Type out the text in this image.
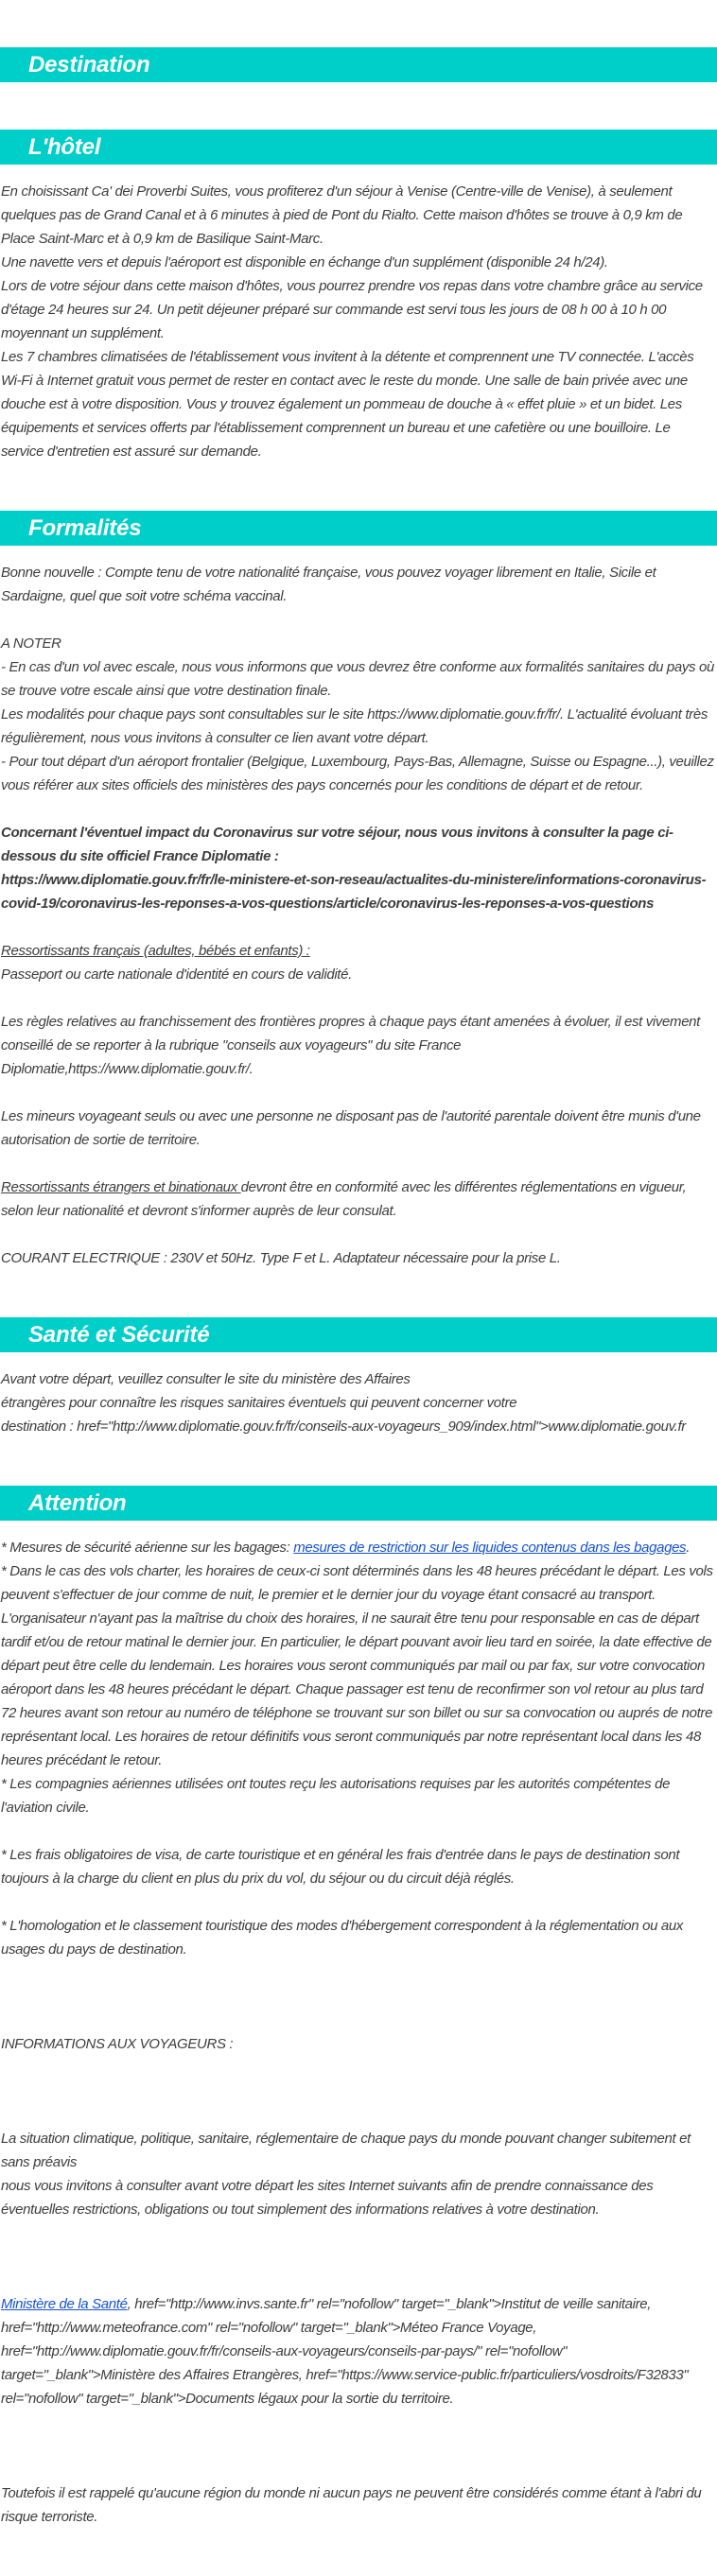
Destination
L'hôtel

En choisissant Ca' dei Proverbi Suites, vous profiterez d'un séjour à Venise (Centre-ville de Venise), à seulement quelques pas de Grand Canal et à 6 minutes à pied de Pont du Rialto. Cette maison d'hôtes se trouve à 0,9 km de Place Saint-Marc et à 0,9 km de Basilique Saint-Marc.

Une navette vers et depuis l'aéroport est disponible en échange d'un supplément (disponible 24 h/24).

Lors de votre séjour dans cette maison d'hôtes, vous pourrez prendre vos repas dans votre chambre grâce au service d'étage 24 heures sur 24. Un petit déjeuner préparé sur commande est servi tous les jours de 08 h 00 à 10 h 00 moyennant un supplément.

Les 7 chambres climatisées de l'établissement vous invitent à la détente et comprennent une TV connectée. L'accès Wi-Fi à Internet gratuit vous permet de rester en contact avec le reste du monde. Une salle de bain privée avec une douche est à votre disposition. Vous y trouvez également un pommeau de douche à « effet pluie » et un bidet. Les équipements et services offerts par l'établissement comprennent un bureau et une cafetière ou une bouilloire. Le service d'entretien est assuré sur demande.

Formalités

Bonne nouvelle : Compte tenu de votre nationalité française, vous pouvez voyager librement en Italie, Sicile et Sardaigne, quel que soit votre schéma vaccinal.

A NOTER

- En cas d'un vol avec escale, nous vous informons que vous devrez être conforme aux formalités sanitaires du pays où se trouve votre escale ainsi que votre destination finale.

Les modalités pour chaque pays sont consultables sur le site https://www.diplomatie.gouv.fr/fr/. L'actualité évoluant très régulièrement, nous vous invitons à consulter ce lien avant votre départ.

- Pour tout départ d'un aéroport frontalier (Belgique, Luxembourg, Pays-Bas, Allemagne, Suisse ou Espagne...), veuillez vous référer aux sites officiels des ministères des pays concernés pour les conditions de départ et de retour.

Concernant l'éventuel impact du Coronavirus sur votre séjour, nous vous invitons à consulter la page ci-dessous du site officiel France Diplomatie :

https://www.diplomatie.gouv.fr/fr/le-ministere-et-son-reseau/actualites-du-ministere/informations-coronavirus-covid-19/coronavirus-les-reponses-a-vos-questions/article/coronavirus-les-reponses-a-vos-questions

Ressortissants français (adultes, bébés et enfants) :

Passeport ou carte nationale d'identité en cours de validité.

Les règles relatives au franchissement des frontières propres à chaque pays étant amenées à évoluer, il est vivement conseillé de se reporter à la rubrique "conseils aux voyageurs" du site France Diplomatie,https://www.diplomatie.gouv.fr/.

Les mineurs voyageant seuls ou avec une personne ne disposant pas de l'autorité parentale doivent être munis d'une autorisation de sortie de territoire.

Ressortissants étrangers et binationaux devront être en conformité avec les différentes réglementations en vigueur, selon leur nationalité et devront s'informer auprès de leur consulat.

COURANT ELECTRIQUE : 230V et 50Hz. Type F et L. Adaptateur nécessaire pour la prise L.

Santé et Sécurité

Avant votre départ, veuillez consulter le site du ministère des Affaires

étrangères pour connaître les risques sanitaires éventuels qui peuvent concerner votre

destination : href="http://www.diplomatie.gouv.fr/fr/conseils-aux-voyageurs_909/index.html">www.diplomatie.gouv.fr

Attention

* Mesures de sécurité aérienne sur les bagages: mesures de restriction sur les liquides contenus dans les bagages.

* Dans le cas des vols charter, les horaires de ceux-ci sont déterminés dans les 48 heures précédant le départ. Les vols peuvent s'effectuer de jour comme de nuit, le premier et le dernier jour du voyage étant consacré au transport. L'organisateur n'ayant pas la maîtrise du choix des horaires, il ne saurait être tenu pour responsable en cas de départ tardif et/ou de retour matinal le dernier jour. En particulier, le départ pouvant avoir lieu tard en soirée, la date effective de départ peut être celle du lendemain. Les horaires vous seront communiqués par mail ou par fax, sur votre convocation aéroport dans les 48 heures précédant le départ. Chaque passager est tenu de reconfirmer son vol retour au plus tard 72 heures avant son retour au numéro de téléphone se trouvant sur son billet ou sur sa convocation ou auprés de notre représentant local. Les horaires de retour définitifs vous seront communiqués par notre représentant local dans les 48 heures précédant le retour.

* Les compagnies aériennes utilisées ont toutes reçu les autorisations requises par les autorités compétentes de l'aviation civile.

* Les frais obligatoires de visa, de carte touristique et en général les frais d'entrée dans le pays de destination sont toujours à la charge du client en plus du prix du vol, du séjour ou du circuit déjà réglés.

* L'homologation et le classement touristique des modes d'hébergement correspondent à la réglementation ou aux usages du pays de destination.

INFORMATIONS AUX VOYAGEURS :

La situation climatique, politique, sanitaire, réglementaire de chaque pays du monde pouvant changer subitement et sans préavis

nous vous invitons à consulter avant votre départ les sites Internet suivants afin de prendre connaissance des éventuelles restrictions, obligations ou tout simplement des informations relatives à votre destination.

Ministère de la Santé, href="http://www.invs.sante.fr" rel="nofollow" target="_blank">Institut de veille sanitaire, href="http://www.meteofrance.com" rel="nofollow" target="_blank">Méteo France Voyage, href="http://www.diplomatie.gouv.fr/fr/conseils-aux-voyageurs/conseils-par-pays/" rel="nofollow" target="_blank">Ministère des Affaires Etrangères, href="https://www.service-public.fr/particuliers/vosdroits/F32833" rel="nofollow" target="_blank">Documents légaux pour la sortie du territoire.

Toutefois il est rappelé qu'aucune région du monde ni aucun pays ne peuvent être considérés comme étant à l'abri du risque terroriste.
